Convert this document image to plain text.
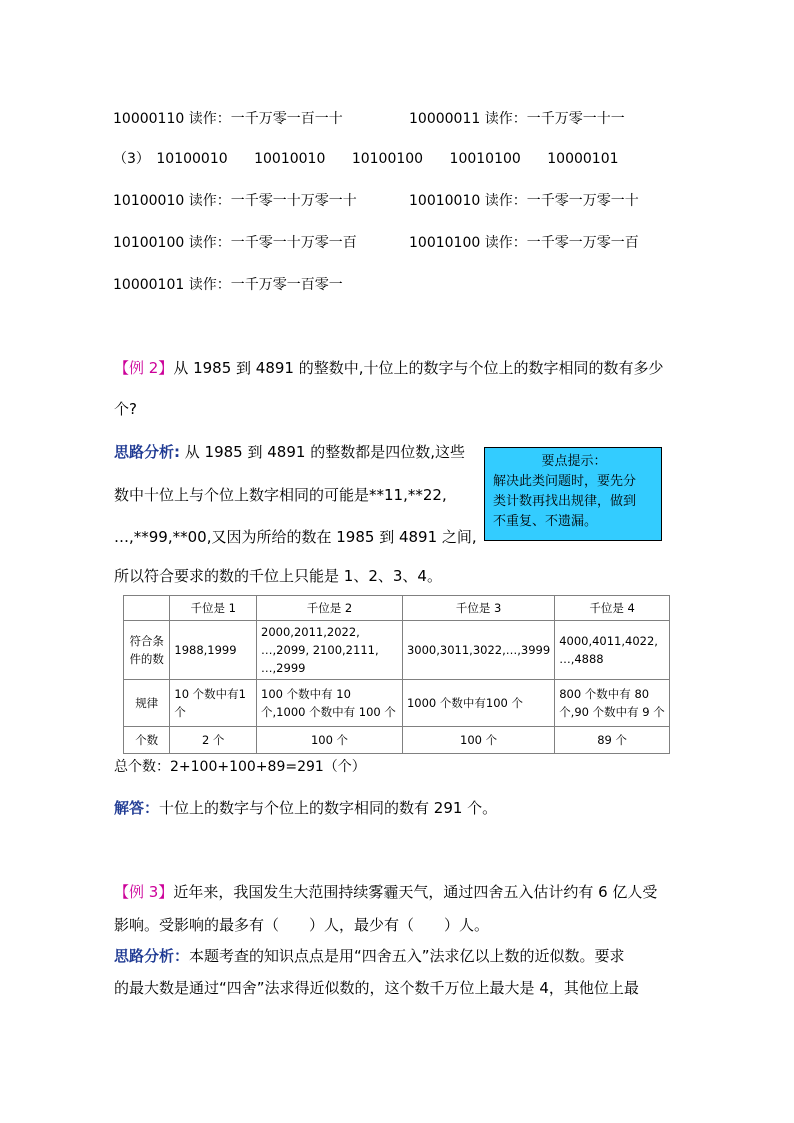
10000110 读作：一千万零一百一十	10000011 读作：一千万零一十一
（3） 10100010 10010010 10100100 10010100 10000101
10100010 读作：一千零一十万零一十	10010010 读作：一千零一万零一十
10100100 读作：一千零一十万零一百	10010100 读作：一千零一万零一百
10000101 读作：一千万零一百零一
【例 2】从 1985 到 4891 的整数中,十位上的数字与个位上的数字相同的数有多少
个?
思路分析: 从 1985 到 4891 的整数都是四位数,这些
数中十位上与个位上数字相同的可能是**11,**22,
…,**99,**00,又因为所给的数在 1985 到 4891 之间,
所以符合要求的数的千位上只能是 1、2、3、4。
要点提示：
解决此类问题时，要先分
类计数再找出规律，做到
不重复、不遗漏。
	千位是 1	千位是 2	千位是 3	千位是 4
符合条件的数	1988,1999	2000,2011,2022, …,2099, 2100,2111, …,2999	3000,3011,3022,…,3999	4000,4011,4022, …,4888
规律	10 个数中有1 个	100 个数中有 10 个,1000 个数中有 100 个	1000 个数中有100 个	800 个数中有 80 个,90 个数中有 9 个
个数	2 个	100 个	100 个	89 个
总个数：2+100+100+89=291（个）
解答：十位上的数字与个位上的数字相同的数有 291 个。
【例 3】近年来，我国发生大范围持续雾霾天气，通过四舍五入估计约有 6 亿人受
影响。受影响的最多有（　　）人，最少有（　　）人。
思路分析：本题考查的知识点点是用“四舍五入”法求亿以上数的近似数。要求
的最大数是通过“四舍”法求得近似数的，这个数千万位上最大是 4，其他位上最
